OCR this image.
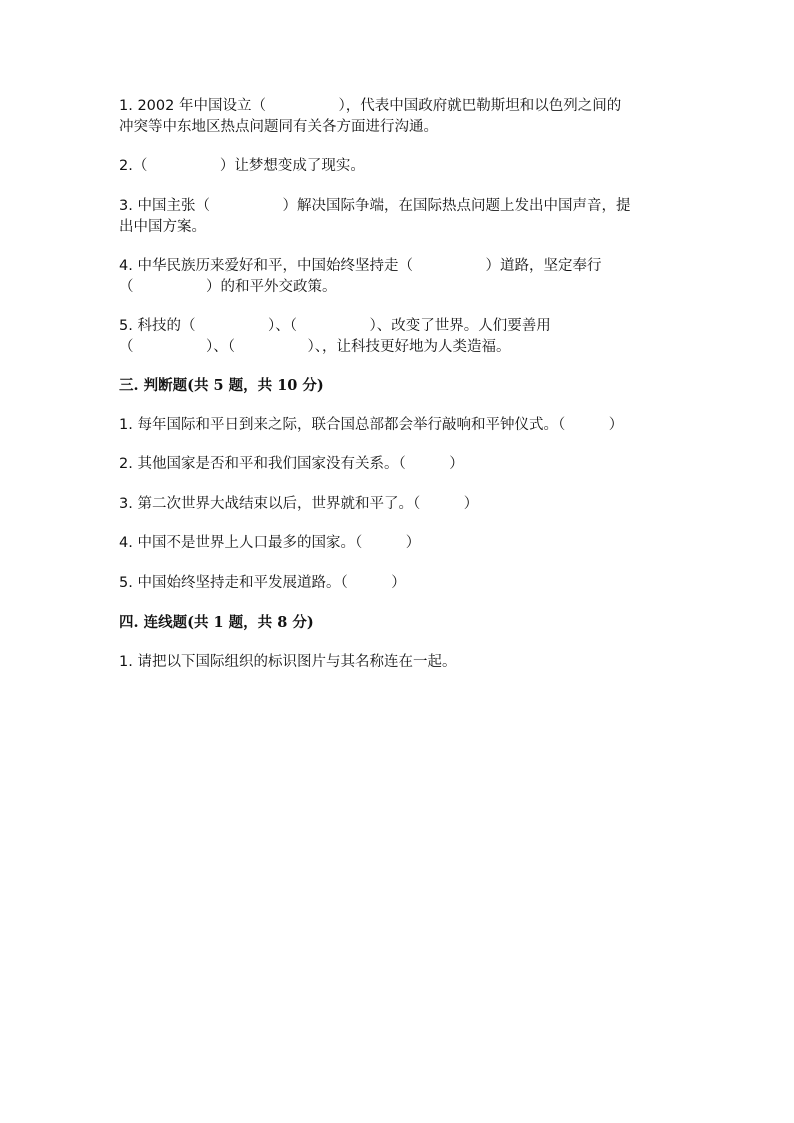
1. 2002 年中国设立（　　　　　），代表中国政府就巴勒斯坦和以色列之间的
冲突等中东地区热点问题同有关各方面进行沟通。
2.（　　　　　）让梦想变成了现实。
3. 中国主张（　　　　　）解决国际争端，在国际热点问题上发出中国声音，提
出中国方案。
4. 中华民族历来爱好和平，中国始终坚持走（　　　　　）道路，坚定奉行
（　　　　　）的和平外交政策。
5. 科技的（　　　　　）、（　　　　　）、改变了世界。人们要善用
（　　　　　）、（　　　　　）、，让科技更好地为人类造福。
三. 判断题(共 5 题，共 10 分)
1. 每年国际和平日到来之际，联合国总部都会举行敲响和平钟仪式。（　　　）
2. 其他国家是否和平和我们国家没有关系。（　　　）
3. 第二次世界大战结束以后，世界就和平了。（　　　）
4. 中国不是世界上人口最多的国家。（　　　）
5. 中国始终坚持走和平发展道路。（　　　）
四. 连线题(共 1 题，共 8 分)
1. 请把以下国际组织的标识图片与其名称连在一起。
